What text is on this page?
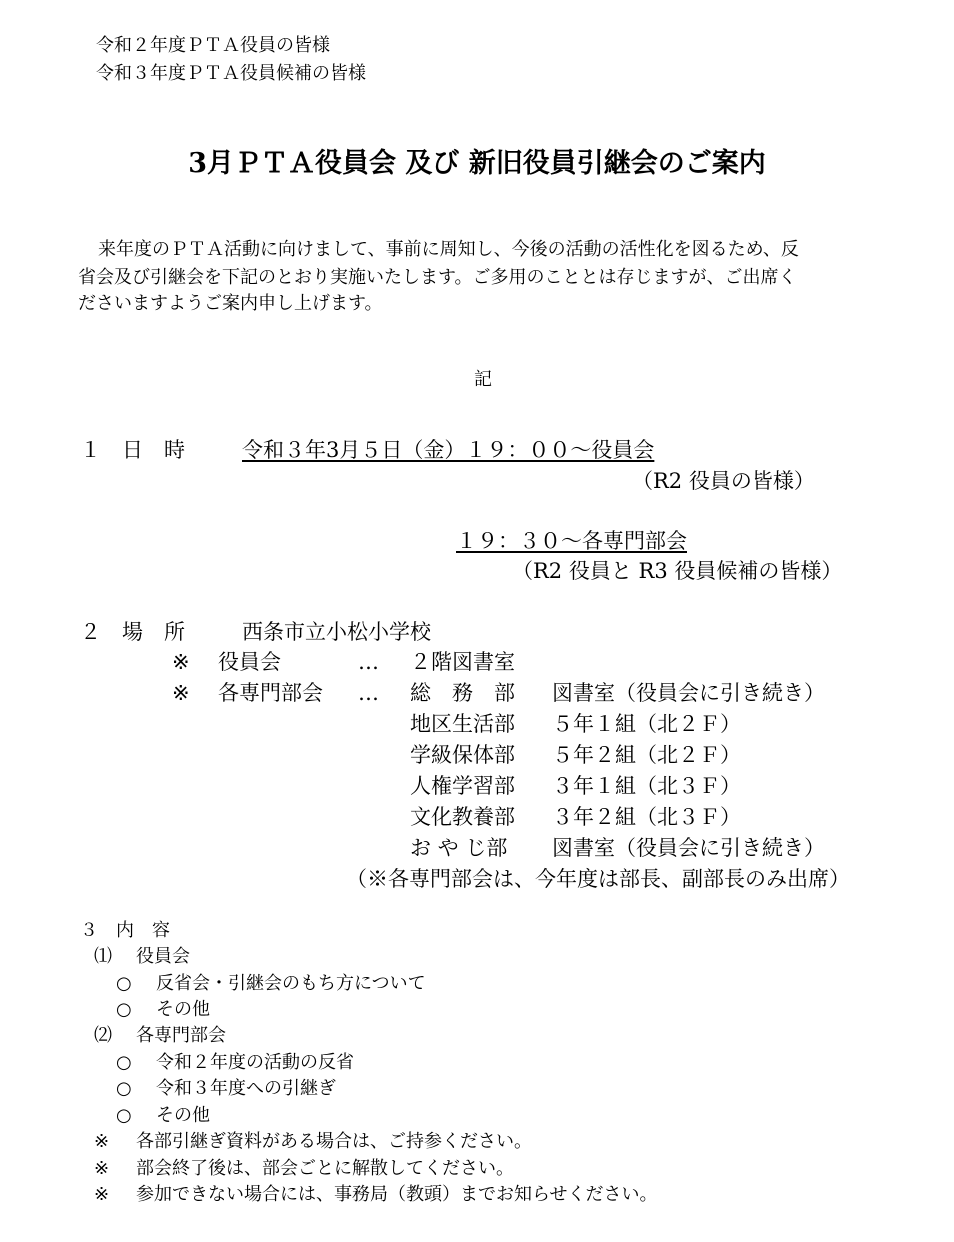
令和２年度ＰＴＡ役員の皆様
令和３年度ＰＴＡ役員候補の皆様
3月ＰＴＡ役員会 及び 新旧役員引継会のご案内
来年度のＰＴＡ活動に向けまして、事前に周知し、今後の活動の活性化を図るため、反
省会及び引継会を下記のとおり実施いたします。ご多用のこととは存じますが、ご出席く
ださいますようご案内申し上げます。
記
１　日　時	令和３年3月５日（金）１９：００～役員会
（R2 役員の皆様）
１９：３０～各専門部会
（R2 役員と R3 役員候補の皆様）
２　場　所	西条市立小松小学校
※ 役員会	… ２階図書室
※ 各専門部会 … 総　務　部 図書室（役員会に引き続き）
地区生活部 ５年１組（北２Ｆ）
学級保体部 ５年２組（北２Ｆ）
人権学習部 ３年１組（北３Ｆ）
文化教養部 ３年２組（北３Ｆ）
お や じ部 図書室（役員会に引き続き）
（※各専門部会は、今年度は部長、副部長のみ出席）
３　内　容
⑴ 役員会
○ 反省会・引継会のもち方について
○ その他
⑵ 各専門部会
○ 令和２年度の活動の反省
○ 令和３年度への引継ぎ
○ その他
※ 各部引継ぎ資料がある場合は、ご持参ください。
※ 部会終了後は、部会ごとに解散してください。
※ 参加できない場合には、事務局（教頭）までお知らせください。
